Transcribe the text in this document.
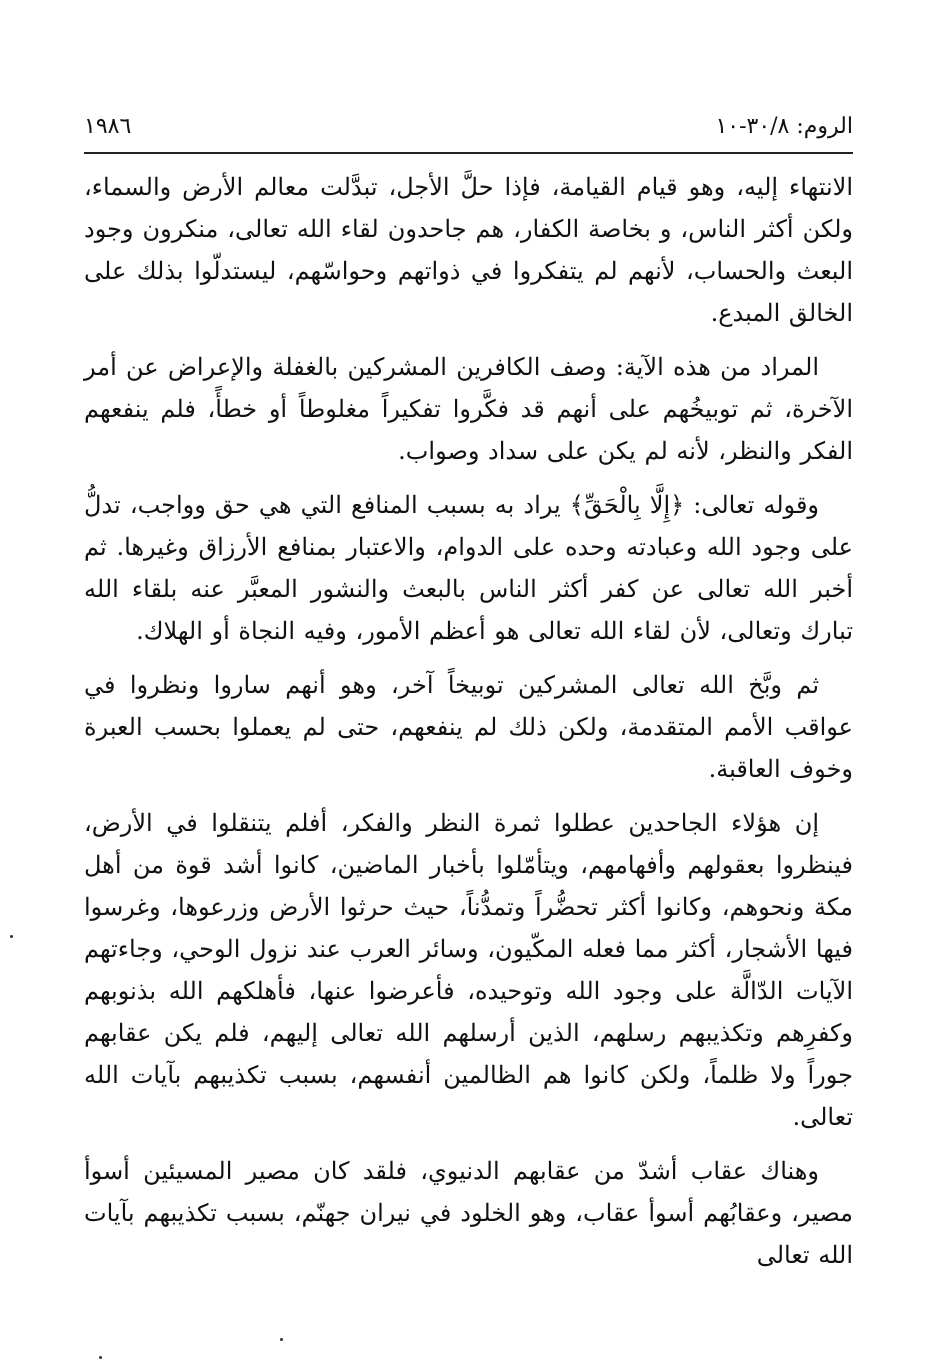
الروم: ٣٠/٨-١٠
١٩٨٦

الانتهاء إليه، وهو قيام القيامة، فإذا حلَّ الأجل، تبدَّلت معالم الأرض والسماء، ولكن أكثر الناس، و بخاصة الكفار، هم جاحدون لقاء الله تعالى، منكرون وجود البعث والحساب، لأنهم لم يتفكروا في ذواتهم وحواسّهم، ليستدلّوا بذلك على الخالق المبدع.

المراد من هذه الآية: وصف الكافرين المشركين بالغفلة والإعراض عن أمر الآخرة، ثم توبيخُهم على أنهم قد فكَّروا تفكيراً مغلوطاً أو خطأً، فلم ينفعهم الفكر والنظر، لأنه لم يكن على سداد وصواب.

وقوله تعالى: ﴿إِلَّا بِالْحَقِّ﴾ يراد به بسبب المنافع التي هي حق وواجب، تدلُّ على وجود الله وعبادته وحده على الدوام، والاعتبار بمنافع الأرزاق وغيرها. ثم أخبر الله تعالى عن كفر أكثر الناس بالبعث والنشور المعبَّر عنه بلقاء الله تبارك وتعالى، لأن لقاء الله تعالى هو أعظم الأمور، وفيه النجاة أو الهلاك.

ثم وبَّخ الله تعالى المشركين توبيخاً آخر، وهو أنهم ساروا ونظروا في عواقب الأمم المتقدمة، ولكن ذلك لم ينفعهم، حتى لم يعملوا بحسب العبرة وخوف العاقبة.

إن هؤلاء الجاحدين عطلوا ثمرة النظر والفكر، أفلم يتنقلوا في الأرض، فينظروا بعقولهم وأفهامهم، ويتأمّلوا بأخبار الماضين، كانوا أشد قوة من أهل مكة ونحوهم، وكانوا أكثر تحضُّراً وتمدُّناً، حيث حرثوا الأرض وزرعوها، وغرسوا فيها الأشجار، أكثر مما فعله المكّيون، وسائر العرب عند نزول الوحي، وجاءتهم الآيات الدّالَّة على وجود الله وتوحيده، فأعرضوا عنها، فأهلكهم الله بذنوبهم وكفرِهم وتكذيبهم رسلهم، الذين أرسلهم الله تعالى إليهم، فلم يكن عقابهم جوراً ولا ظلماً، ولكن كانوا هم الظالمين أنفسهم، بسبب تكذيبهم بآيات الله تعالى.

وهناك عقاب أشدّ من عقابهم الدنيوي، فلقد كان مصير المسيئين أسوأ مصير، وعقابُهم أسوأ عقاب، وهو الخلود في نيران جهنّم، بسبب تكذيبهم بآيات الله تعالى
